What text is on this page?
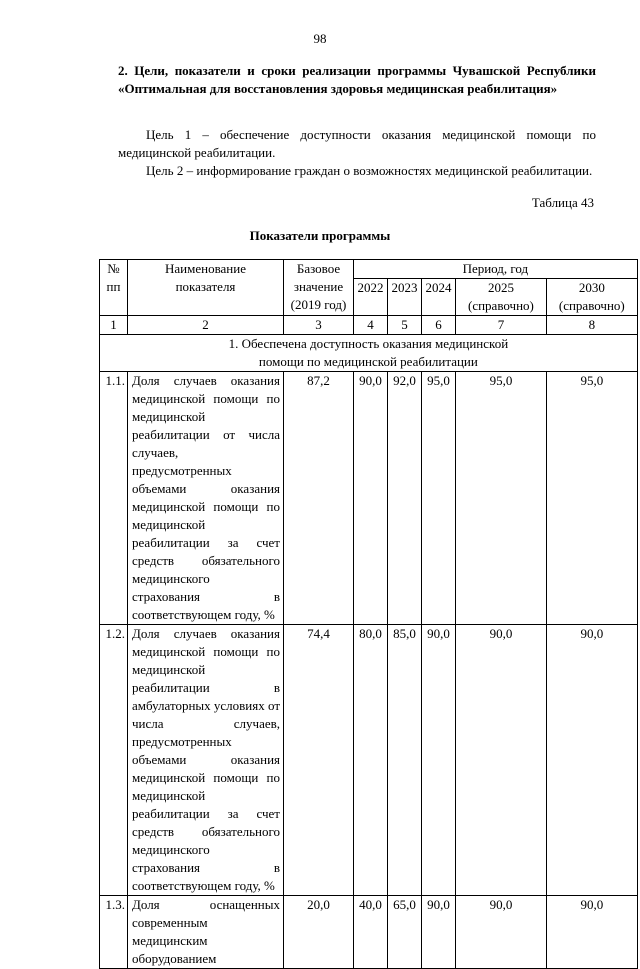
98
2. Цели, показатели и сроки реализации программы Чувашской Республики «Оптимальная для восстановления здоровья медицинская реабилитация»
Цель 1 – обеспечение доступности оказания медицинской помощи по медицинской реабилитации.
Цель 2 – информирование граждан о возможностях медицинской реабилитации.
Таблица 43
Показатели программы
№ пп	Наименование показателя	Базовое значение (2019 год)	Период, год				
			2022	2023	2024	2025 (справочно)	2030 (справочно)
1	2	3	4	5	6	7	8
1. Обеспечена доступность оказания медицинской помощи по медицинской реабилитации							
1.1.	Доля случаев оказания медицинской помощи по медицинской реабилитации от числа случаев, предусмотренных объемами оказания медицинской помощи по медицинской реабилитации за счет средств обязательного медицинского страхования в соответствующем году, %	87,2	90,0	92,0	95,0	95,0	95,0
1.2.	Доля случаев оказания медицинской помощи по медицинской реабилитации в амбулаторных условиях от числа случаев, предусмотренных объемами оказания медицинской помощи по медицинской реабилитации за счет средств обязательного медицинского страхования в соответствующем году, %	74,4	80,0	85,0	90,0	90,0	90,0
1.3.	Доля оснащенных современным медицинским оборудованием	20,0	40,0	65,0	90,0	90,0	90,0
